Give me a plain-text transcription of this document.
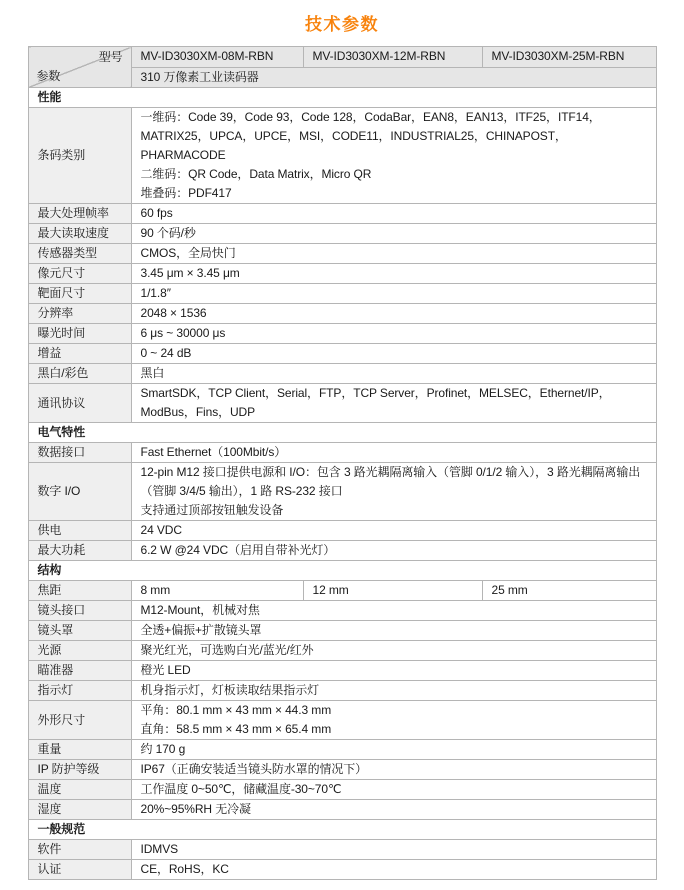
技术参数
型号
参数	MV-ID3030XM-08M-RBN	MV-ID3030XM-12M-RBN	MV-ID3030XM-25M-RBN
	310 万像素工业读码器		
性能			
条码类别	一维码：Code 39，Code 93，Code 128，CodaBar，EAN8，EAN13，ITF25，ITF14，MATRIX25，UPCA，UPCE，MSI，CODE11，INDUSTRIAL25，CHINAPOST，PHARMACODE
二维码：QR Code，Data Matrix，Micro QR
堆叠码：PDF417		

最大处理帧率	60 fps		

最大读取速度	90 个码/秒		

传感器类型	CMOS，全局快门		

像元尺寸	3.45 μm × 3.45 μm		

靶面尺寸	1/1.8″		

分辨率	2048 × 1536		

曝光时间	6 μs ~ 30000 μs		

增益	0 ~ 24 dB		

黑白/彩色	黑白		

通讯协议	SmartSDK，TCP Client，Serial，FTP，TCP Server，Profinet，MELSEC，Ethernet/IP，ModBus，Fins，UDP		

电气特性			
数据接口	Fast Ethernet（100Mbit/s）		

数字 I/O	12-pin M12 接口提供电源和 I/O：包含 3 路光耦隔离输入（管脚 0/1/2 输入），3 路光耦隔离输出（管脚 3/4/5 输出），1 路 RS-232 接口
支持通过顶部按钮触发设备		

供电	24 VDC		

最大功耗	6.2 W @24 VDC（启用自带补光灯）		

结构			
焦距	8 mm	12 mm	25 mm
镜头接口	M12-Mount，机械对焦		

镜头罩	全透+偏振+扩散镜头罩		

光源	聚光红光，可选购白光/蓝光/红外		

瞄准器	橙光 LED		

指示灯	机身指示灯，灯板读取结果指示灯		

外形尺寸	平角：80.1 mm × 43 mm × 44.3 mm
直角：58.5 mm × 43 mm × 65.4 mm		

重量	约 170 g		

IP 防护等级	IP67（正确安装适当镜头防水罩的情况下）		

温度	工作温度 0~50℃，储藏温度-30~70℃		

湿度	20%~95%RH 无冷凝		

一般规范			
软件	IDMVS		

认证	CE，RoHS，KC		
